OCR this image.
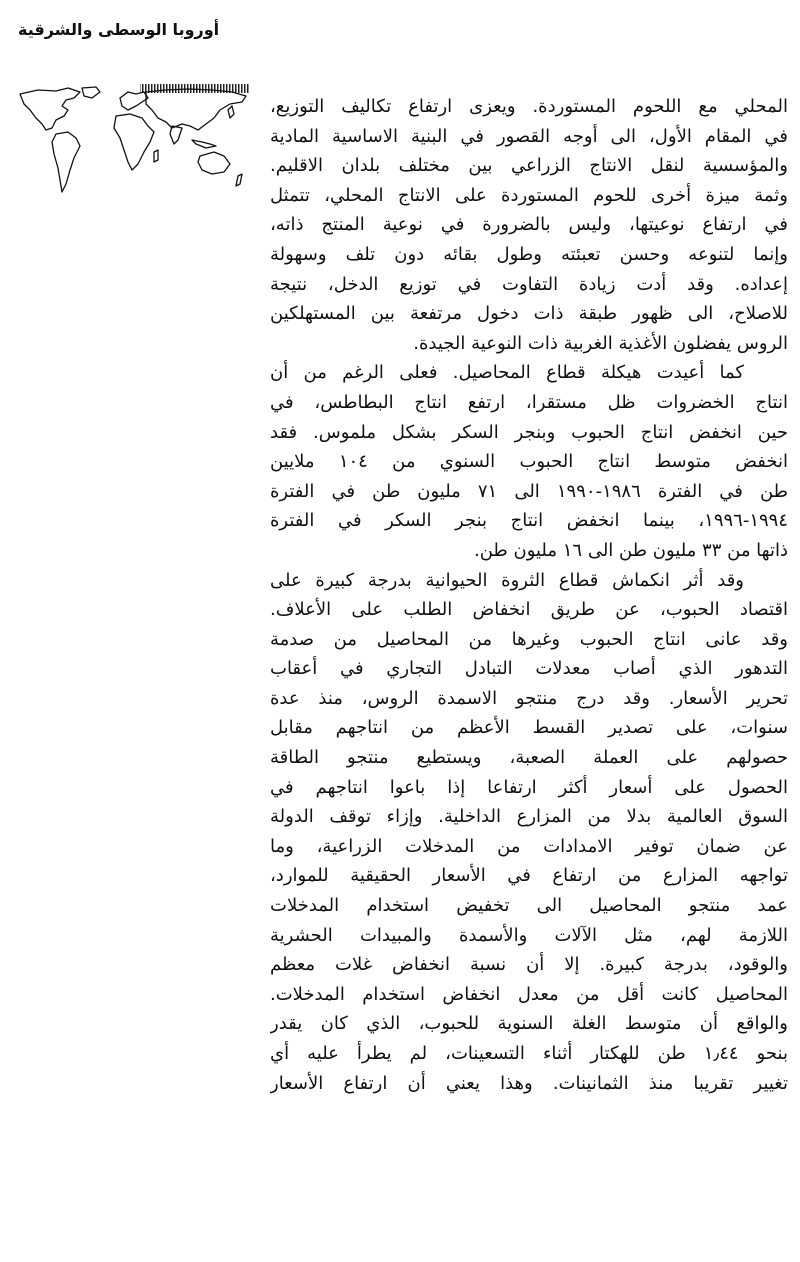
أوروبا الوسطى والشرقية
المحلي مع اللحوم المستوردة. ويعزى ارتفاع تكاليف التوزيع،
في المقام الأول، الى أوجه القصور في البنية الاساسية المادية
والمؤسسية لنقل الانتاج الزراعي بين مختلف بلدان الاقليم.
وثمة ميزة أخرى للحوم المستوردة على الانتاج المحلي، تتمثل
في ارتفاع نوعيتها، وليس بالضرورة في نوعية المنتج ذاته،
وإنما لتنوعه وحسن تعبئته وطول بقائه دون تلف وسهولة
إعداده. وقد أدت زيادة التفاوت في توزيع الدخل، نتيجة
للاصلاح، الى ظهور طبقة ذات دخول مرتفعة بين المستهلكين
الروس يفضلون الأغذية الغربية ذات النوعية الجيدة.
كما أعيدت هيكلة قطاع المحاصيل. فعلى الرغم من أن
انتاج الخضروات ظل مستقرا، ارتفع انتاج البطاطس، في
حين انخفض انتاج الحبوب وبنجر السكر بشكل ملموس. فقد
انخفض متوسط انتاج الحبوب السنوي من ١٠٤ ملايين
طن في الفترة ١٩٨٦-١٩٩٠ الى ٧١ مليون طن في الفترة
١٩٩٤-١٩٩٦، بينما انخفض انتاج بنجر السكر في الفترة
ذاتها من ٣٣ مليون طن الى ١٦ مليون طن.
وقد أثر انكماش قطاع الثروة الحيوانية بدرجة كبيرة على
اقتصاد الحبوب، عن طريق انخفاض الطلب على الأعلاف.
وقد عانى انتاج الحبوب وغيرها من المحاصيل من صدمة
التدهور الذي أصاب معدلات التبادل التجاري في أعقاب
تحرير الأسعار. وقد درج منتجو الاسمدة الروس، منذ عدة
سنوات، على تصدير القسط الأعظم من انتاجهم مقابل
حصولهم على العملة الصعبة، ويستطيع منتجو الطاقة
الحصول على أسعار أكثر ارتفاعا إذا باعوا انتاجهم في
السوق العالمية بدلا من المزارع الداخلية. وإزاء توقف الدولة
عن ضمان توفير الامدادات من المدخلات الزراعية، وما
تواجهه المزارع من ارتفاع في الأسعار الحقيقية للموارد،
عمد منتجو المحاصيل الى تخفيض استخدام المدخلات
اللازمة لهم، مثل الآلات والأسمدة والمبيدات الحشرية
والوقود، بدرجة كبيرة. إلا أن نسبة انخفاض غلات معظم
المحاصيل كانت أقل من معدل انخفاض استخدام المدخلات.
والواقع أن متوسط الغلة السنوية للحبوب، الذي كان يقدر
بنحو ١٫٤٤ طن للهكتار أثناء التسعينات، لم يطرأ عليه أي
تغيير تقريبا منذ الثمانينات. وهذا يعني أن ارتفاع الأسعار
